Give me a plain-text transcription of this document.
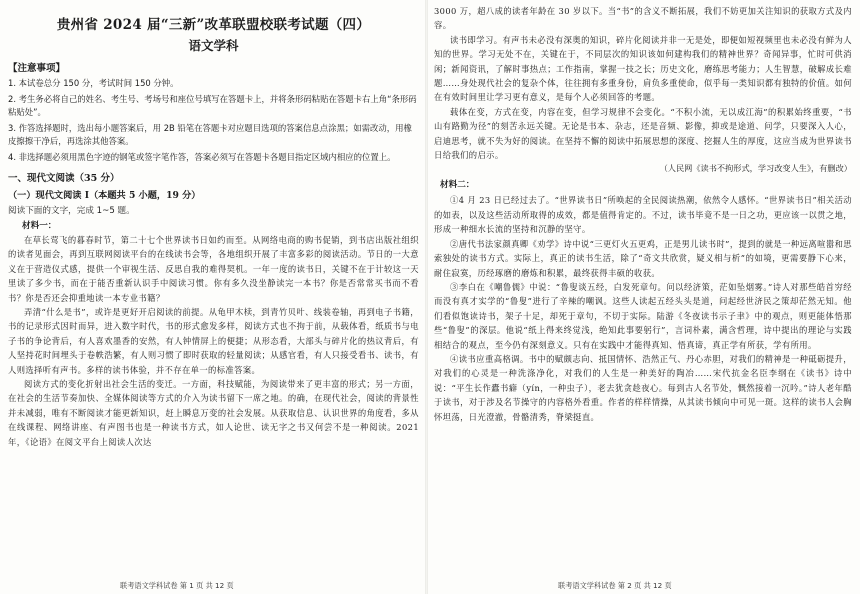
贵州省 2024 届“三新”改革联盟校联考试题（四）
语文学科
【注意事项】
1. 本试卷总分 150 分，考试时间 150 分钟。
2. 考生务必将自己的姓名、考生号、考场号和座位号填写在答题卡上，并将条形码粘贴在答题卡右上角“条形码粘贴处”。
3. 作答选择题时，选出每小题答案后，用 2B 铅笔在答题卡对应题目选项的答案信息点涂黑；如需改动，用橡皮擦擦干净后，再选涂其他答案。
4. 非选择题必须用黑色字迹的钢笔或签字笔作答，答案必须写在答题卡各题目指定区域内相应的位置上。
一、现代文阅读（35 分）
（一）现代文阅读 Ⅰ（本题共 5 小题，19 分）
阅读下面的文字，完成 1~5 题。
材料一：

在草长莺飞的暮春时节，第二十七个世界读书日如约而至。从网络电商的购书促销，到书店出版社组织的读者见面会，再到互联网阅读平台的在线读书会等，各地组织开展了丰富多彩的阅读活动。节日的一大意义在于营造仪式感，提供一个审视生活、反思自我的难得契机。一年一度的读书日，关键不在于计较这一天里读了多少书，而在于能否重新认识手中阅读习惯。你有多久没坐静读完一本书？你是否常常买书而不看书？你是否还会抑重地读一本专业书籍？

弄清“什么是书”，或许是更好开启阅读的前提。从龟甲木椟，到青竹贝叶、线装卷轴，再到电子书籍，书的记录形式因时而异，进入数字时代，书的形式愈发多样，阅读方式也不拘于前，从载体看，纸质书与电子书的争论背后，有人喜欢墨香的安然，有人钟情屏上的便捷；从形态看，大部头与碎片化的热议背后，有人坚持花时间埋头于卷帙浩繁，有人则习惯了即时获取的轻量阅读；从感官看，有人只接受看书、读书，有人则选择听有声书。多样的读书体验，并不存在单一的标准答案。

阅读方式的变化折射出社会生活的变迁。一方面，科技赋能，为阅读带来了更丰富的形式；另一方面，在社会的生活节奏加快、全媒体阅读等方式的介入为读书留下一席之地。的确，在现代社会，阅读的背景性并未减弱，唯有不断阅读才能更新知识，赶上瞬息万变的社会发展。从获取信息、认识世界的角度看，多从在线课程、网络讲座、有声图书也是一种读书方式，如人论世、读无字之书又何尝不是一种阅读。2021 年，《论语》在阅文平台上阅读人次达

联考语文学科试卷 第 1 页 共 12 页

3000 万，超八成的读者年龄在 30 岁以下。当“书”的含义不断拓展，我们不妨更加关注知识的获取方式及内容。

读书即学习。有声书未必没有深奥的知识，碎片化阅读并非一无是处，即便如短视频里也未必没有鲜为人知的世界。学习无处不在，关键在于，不同层次的知识该如何建构我们的精神世界？奇闻异事，忙时可供消闲；新闻资讯，了解时事热点；工作指南，掌握一技之长；历史文化，磨练思考能力；人生智慧，破解成长难题……身处现代社会的复杂个体，往往拥有多重身份，肩负多重使命，似乎每一类知识都有独特的价值。如何在有效时间里让学习更有意义，是每个人必须回答的考题。

载体在变，方式在变，内容在变，但学习规律不会变化。“不积小流，无以成江海”的积累始终重要，“书山有路勤为径”的刻苦永远关键。无论是书本、杂志，还是音频、影像，抑或是途道、问学，只要深入人心，启迪思考，就不失为好的阅读。在坚持不懈的阅读中拓展思想的深度、挖掘人生的厚度，这应当成为世界读书日给我们的启示。

（人民网《读书不拘形式，学习改变人生》，有删改）
材料二：

①4 月 23 日已经过去了。“世界读书日”所唤起的全民阅读热潮，依然令人感怀。“世界读书日”相关活动的如表，以及这些活动所取得的成效，都是值得肯定的。不过，读书毕竟不是一日之功，更应该一以贯之地，形成一种细水长流的坚持和沉静的坚守。

②唐代书法家颜真卿《劝学》诗中说“三更灯火五更鸡，正是男儿读书时”，提到的就是一种远离喧嚣和思索独处的读书方式。实际上，真正的读书生活，除了“奇文共欣赏，疑义相与析”的如境，更需要静下心来，耐住寂寞，历经琢磨的磨炼和积累，最终获得丰硕的收获。

③李白在《嘲鲁儒》中说：“鲁叟谈五经，白发死章句。问以经济策，茫如坠烟雾。”诗人对那些皓首穷经而没有真才实学的“鲁叟”进行了辛辣的嘲讽。这些人读起五经头头是道，问起经世济民之策却茫然无知。他们看似饱读诗书，架子十足，却死于章句，不切于实际。陆游《冬夜读书示子聿》中的观点，则更能体悟那些“鲁叟”的深层。他说“纸上得来终觉浅，绝知此事要躬行”，言词朴素，满含哲理，诗中提出的理论与实践相结合的观点，至今仍有深刻意义。只有在实践中才能得真知、悟真谛，真正学有所获，学有所用。

④读书应重高格调。书中的赋颇志向、抵国情怀、浩然正气、丹心赤胆，对我们的精神是一种砥砺提升，对我们的心灵是一种洗涤净化，对我们的人生是一种美好的陶冶……宋代抗金名臣李纲在《读书》诗中说：“平生长作蠹书癖（yín，一种虫子），老去犹贪趁夜心。每到古人名节处，慨然接着一沉吟。”诗人老年酷于读书，对于涉及名节操守的内容格外看重。作者的样样情操，从其读书倾向中可见一斑。这样的读书人会胸怀坦荡，日光澄澈，骨骼清秀，脊梁挺直。

联考语文学科试卷 第 2 页 共 12 页
